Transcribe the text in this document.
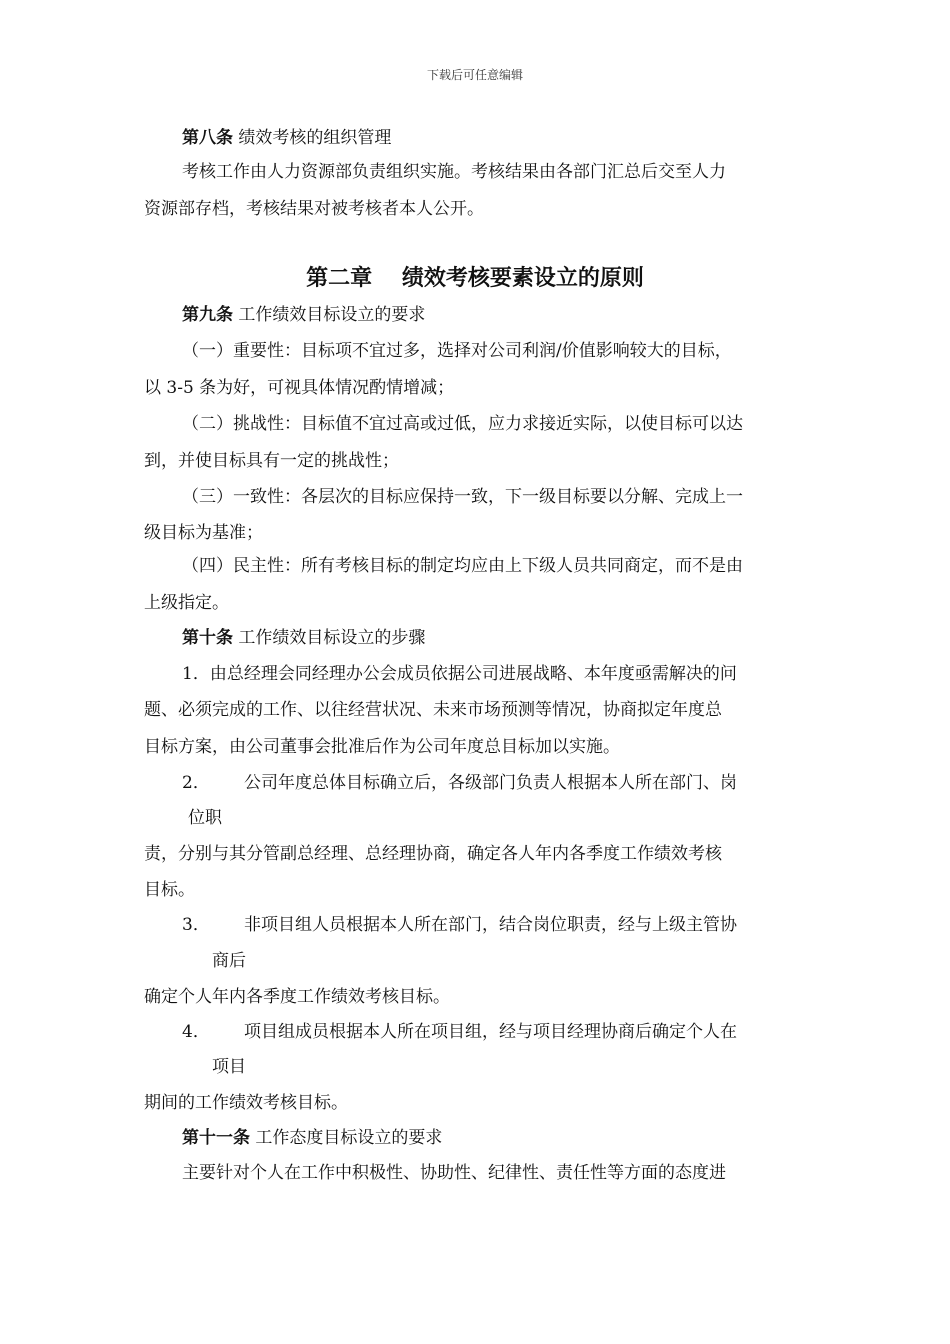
下载后可任意编辑
第八条 绩效考核的组织管理
考核工作由人力资源部负责组织实施。考核结果由各部门汇总后交至人力
资源部存档，考核结果对被考核者本人公开。
第二章　 绩效考核要素设立的原则
第九条 工作绩效目标设立的要求
（一）重要性：目标项不宜过多，选择对公司利润/价值影响较大的目标，
以 3-5 条为好，可视具体情况酌情增减；
（二）挑战性：目标值不宜过高或过低，应力求接近实际，以使目标可以达
到，并使目标具有一定的挑战性；
（三）一致性：各层次的目标应保持一致，下一级目标要以分解、完成上一
级目标为基准；
（四）民主性：所有考核目标的制定均应由上下级人员共同商定，而不是由
上级指定。
第十条 工作绩效目标设立的步骤
1．由总经理会同经理办公会成员依据公司进展战略、本年度亟需解决的问
题、必须完成的工作、以往经营状况、未来市场预测等情况，协商拟定年度总
目标方案，由公司董事会批准后作为公司年度总目标加以实施。
2． 公司年度总体目标确立后，各级部门负责人根据本人所在部门、岗
位职
责，分别与其分管副总经理、总经理协商，确定各人年内各季度工作绩效考核
目标。
3． 非项目组人员根据本人所在部门，结合岗位职责，经与上级主管协
商后
确定个人年内各季度工作绩效考核目标。
4． 项目组成员根据本人所在项目组，经与项目经理协商后确定个人在
项目
期间的工作绩效考核目标。
第十一条 工作态度目标设立的要求
主要针对个人在工作中积极性、协助性、纪律性、责任性等方面的态度进
